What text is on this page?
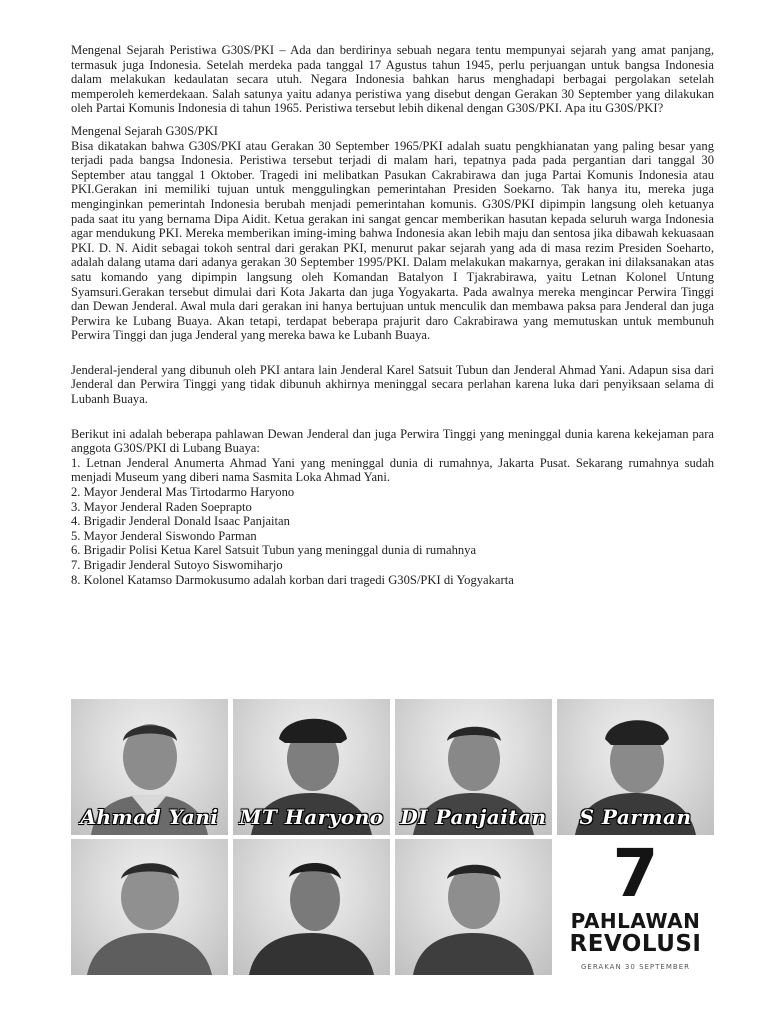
Mengenal Sejarah Peristiwa G30S/PKI – Ada dan berdirinya sebuah negara tentu mempunyai sejarah yang amat panjang, termasuk juga Indonesia. Setelah merdeka pada tanggal 17 Agustus tahun 1945, perlu perjuangan untuk bangsa Indonesia dalam melakukan kedaulatan secara utuh. Negara Indonesia bahkan harus menghadapi berbagai pergolakan setelah memperoleh kemerdekaan. Salah satunya yaitu adanya peristiwa yang disebut dengan Gerakan 30 September yang dilakukan oleh Partai Komunis Indonesia di tahun 1965. Peristiwa tersebut lebih dikenal dengan G30S/PKI. Apa itu G30S/PKI?

Mengenal Sejarah G30S/PKI

Bisa dikatakan bahwa G30S/PKI atau Gerakan 30 September 1965/PKI adalah suatu pengkhianatan yang paling besar yang terjadi pada bangsa Indonesia. Peristiwa tersebut terjadi di malam hari, tepatnya pada pada pergantian dari tanggal 30 September atau tanggal 1 Oktober. Tragedi ini melibatkan Pasukan Cakrabirawa dan juga Partai Komunis Indonesia atau PKI.Gerakan ini memiliki tujuan untuk menggulingkan pemerintahan Presiden Soekarno. Tak hanya itu, mereka juga menginginkan pemerintah Indonesia berubah menjadi pemerintahan komunis. G30S/PKI dipimpin langsung oleh ketuanya pada saat itu yang bernama Dipa Aidit. Ketua gerakan ini sangat gencar memberikan hasutan kepada seluruh warga Indonesia agar mendukung PKI. Mereka memberikan iming-iming bahwa Indonesia akan lebih maju dan sentosa jika dibawah kekuasaan PKI. D. N. Aidit sebagai tokoh sentral dari gerakan PKI, menurut pakar sejarah yang ada di masa rezim Presiden Soeharto, adalah dalang utama dari adanya gerakan 30 September 1995/PKI. Dalam melakukan makarnya, gerakan ini dilaksanakan atas satu komando yang dipimpin langsung oleh Komandan Batalyon I Tjakrabirawa, yaitu Letnan Kolonel Untung Syamsuri.Gerakan tersebut dimulai dari Kota Jakarta dan juga Yogyakarta. Pada awalnya mereka mengincar Perwira Tinggi dan Dewan Jenderal. Awal mula dari gerakan ini hanya bertujuan untuk menculik dan membawa paksa para Jenderal dan juga Perwira ke Lubang Buaya. Akan tetapi, terdapat beberapa prajurit daro Cakrabirawa yang memutuskan untuk membunuh Perwira Tinggi dan juga Jenderal yang mereka bawa ke Lubanh Buaya.

Jenderal-jenderal yang dibunuh oleh PKI antara lain Jenderal Karel Satsuit Tubun dan Jenderal Ahmad Yani. Adapun sisa dari Jenderal dan Perwira Tinggi yang tidak dibunuh akhirnya meninggal secara perlahan karena luka dari penyiksaan selama di Lubanh Buaya.

Berikut ini adalah beberapa pahlawan Dewan Jenderal dan juga Perwira Tinggi yang meninggal dunia karena kekejaman para anggota G30S/PKI di Lubang Buaya:

1. Letnan Jenderal Anumerta Ahmad Yani yang meninggal dunia di rumahnya, Jakarta Pusat. Sekarang rumahnya sudah menjadi Museum yang diberi nama Sasmita Loka Ahmad Yani.
2. Mayor Jenderal Mas Tirtodarmo Haryono
3. Mayor Jenderal Raden Soeprapto
4. Brigadir Jenderal Donald Isaac Panjaitan
5. Mayor Jenderal Siswondo Parman
6. Brigadir Polisi Ketua Karel Satsuit Tubun yang meninggal dunia di rumahnya
7. Brigadir Jenderal Sutoyo Siswomiharjo
8. Kolonel Katamso Darmokusumo adalah korban dari tragedi G30S/PKI di Yogyakarta
Ahmad Yani	MT Haryono DI Panjaitan	S Parman
7
PAHLAWAN
REVOLUSI
GERAKAN 30 SEPTEMBER
